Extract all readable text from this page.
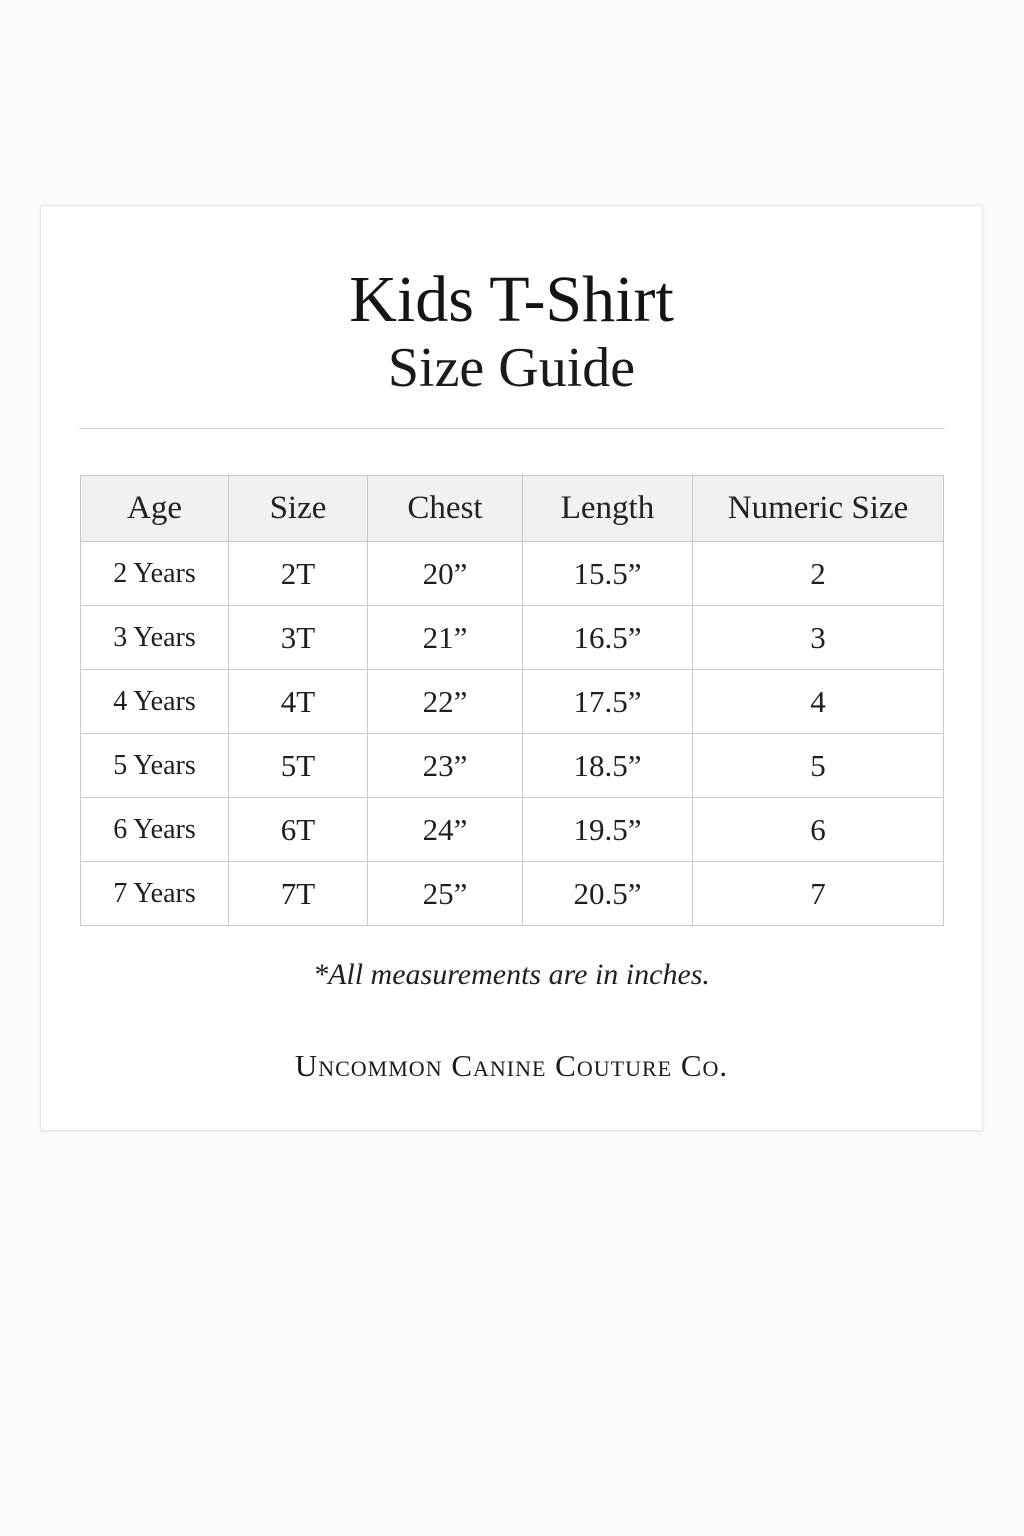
Kids T-Shirt
Size Guide
Age	Size	Chest	Length	Numeric Size
2 Years	2T	20”	15.5”	2
3 Years	3T	21”	16.5”	3
4 Years	4T	22”	17.5”	4
5 Years	5T	23”	18.5”	5
6 Years	6T	24”	19.5”	6
7 Years	7T	25”	20.5”	7
*All measurements are in inches.
Uncommon Canine Couture Co.
